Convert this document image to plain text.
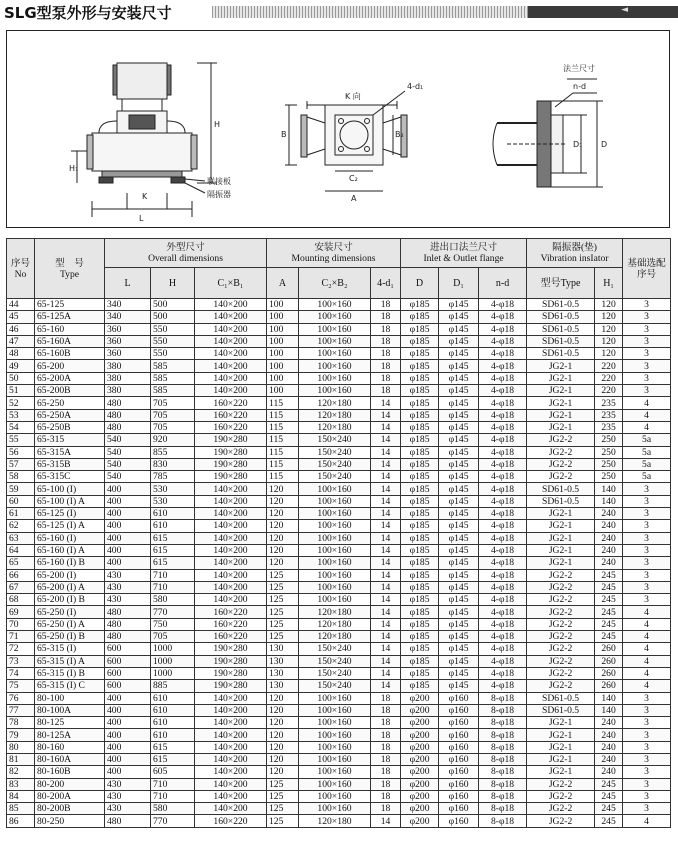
SLG型泵外形与安装尺寸	◄
H
H₁
K
L
联接板
隔振器
K 向
4-d₁
B	B₂
C₂
A
法兰尺寸
n-d
D₁ D
序号
No	型　号
Type	外型尺寸
Overall dimensions			安装尺寸
Mounting dimensions			进出口法兰尺寸
Inlet & Outlet flange			隔振器(垫)
Vibration insIator		基础选配序号
		L	H	C₁×B₁	A	C₂×B₂	4-d₁	D	D₁	n-d	型号Type	H₁	
44	65-125	340	500	140×200	100	100×160	18	φ185	φ145	4-φ18	SD61-0.5	120	3
45	65-125A	340	500	140×200	100	100×160	18	φ185	φ145	4-φ18	SD61-0.5	120	3
46	65-160	360	550	140×200	100	100×160	18	φ185	φ145	4-φ18	SD61-0.5	120	3
47	65-160A	360	550	140×200	100	100×160	18	φ185	φ145	4-φ18	SD61-0.5	120	3
48	65-160B	360	550	140×200	100	100×160	18	φ185	φ145	4-φ18	SD61-0.5	120	3
49	65-200	380	585	140×200	100	100×160	18	φ185	φ145	4-φ18	JG2-1	220	3
50	65-200A	380	585	140×200	100	100×160	18	φ185	φ145	4-φ18	JG2-1	220	3
51	65-200B	380	585	140×200	100	100×160	18	φ185	φ145	4-φ18	JG2-1	220	3
52	65-250	480	705	160×220	115	120×180	14	φ185	φ145	4-φ18	JG2-1	235	4
53	65-250A	480	705	160×220	115	120×180	14	φ185	φ145	4-φ18	JG2-1	235	4
54	65-250B	480	705	160×220	115	120×180	14	φ185	φ145	4-φ18	JG2-1	235	4
55	65-315	540	920	190×280	115	150×240	14	φ185	φ145	4-φ18	JG2-2	250	5a
56	65-315A	540	855	190×280	115	150×240	14	φ185	φ145	4-φ18	JG2-2	250	5a
57	65-315B	540	830	190×280	115	150×240	14	φ185	φ145	4-φ18	JG2-2	250	5a
58	65-315C	540	785	190×280	115	150×240	14	φ185	φ145	4-φ18	JG2-2	250	5a
59	65-100 (I)	400	530	140×200	120	100×160	14	φ185	φ145	4-φ18	SD61-0.5	140	3
60	65-100 (I) A	400	530	140×200	120	100×160	14	φ185	φ145	4-φ18	SD61-0.5	140	3
61	65-125 (I)	400	610	140×200	120	100×160	14	φ185	φ145	4-φ18	JG2-1	240	3
62	65-125 (I) A	400	610	140×200	120	100×160	14	φ185	φ145	4-φ18	JG2-1	240	3
63	65-160 (I)	400	615	140×200	120	100×160	14	φ185	φ145	4-φ18	JG2-1	240	3
64	65-160 (I) A	400	615	140×200	120	100×160	14	φ185	φ145	4-φ18	JG2-1	240	3
65	65-160 (I) B	400	615	140×200	120	100×160	14	φ185	φ145	4-φ18	JG2-1	240	3
66	65-200 (I)	430	710	140×200	125	100×160	14	φ185	φ145	4-φ18	JG2-2	245	3
67	65-200 (I) A	430	710	140×200	125	100×160	14	φ185	φ145	4-φ18	JG2-2	245	3
68	65-200 (I) B	430	580	140×200	125	100×160	14	φ185	φ145	4-φ18	JG2-2	245	3
69	65-250 (I)	480	770	160×220	125	120×180	14	φ185	φ145	4-φ18	JG2-2	245	4
70	65-250 (I) A	480	750	160×220	125	120×180	14	φ185	φ145	4-φ18	JG2-2	245	4
71	65-250 (I) B	480	705	160×220	125	120×180	14	φ185	φ145	4-φ18	JG2-2	245	4
72	65-315 (I)	600	1000	190×280	130	150×240	14	φ185	φ145	4-φ18	JG2-2	260	4
73	65-315 (I) A	600	1000	190×280	130	150×240	14	φ185	φ145	4-φ18	JG2-2	260	4
74	65-315 (I) B	600	1000	190×280	130	150×240	14	φ185	φ145	4-φ18	JG2-2	260	4
75	65-315 (I) C	600	885	190×280	130	150×240	14	φ185	φ145	4-φ18	JG2-2	260	4
76	80-100	400	610	140×200	120	100×160	18	φ200	φ160	8-φ18	SD61-0.5	140	3
77	80-100A	400	610	140×200	120	100×160	18	φ200	φ160	8-φ18	SD61-0.5	140	3
78	80-125	400	610	140×200	120	100×160	18	φ200	φ160	8-φ18	JG2-1	240	3
79	80-125A	400	610	140×200	120	100×160	18	φ200	φ160	8-φ18	JG2-1	240	3
80	80-160	400	615	140×200	120	100×160	18	φ200	φ160	8-φ18	JG2-1	240	3
81	80-160A	400	615	140×200	120	100×160	18	φ200	φ160	8-φ18	JG2-1	240	3
82	80-160B	400	605	140×200	120	100×160	18	φ200	φ160	8-φ18	JG2-1	240	3
83	80-200	430	710	140×200	125	100×160	18	φ200	φ160	8-φ18	JG2-2	245	3
84	80-200A	430	710	140×200	125	100×160	18	φ200	φ160	8-φ18	JG2-2	245	3
85	80-200B	430	580	140×200	125	100×160	18	φ200	φ160	8-φ18	JG2-2	245	3
86	80-250	480	770	160×220	125	120×180	14	φ200	φ160	8-φ18	JG2-2	245	4
